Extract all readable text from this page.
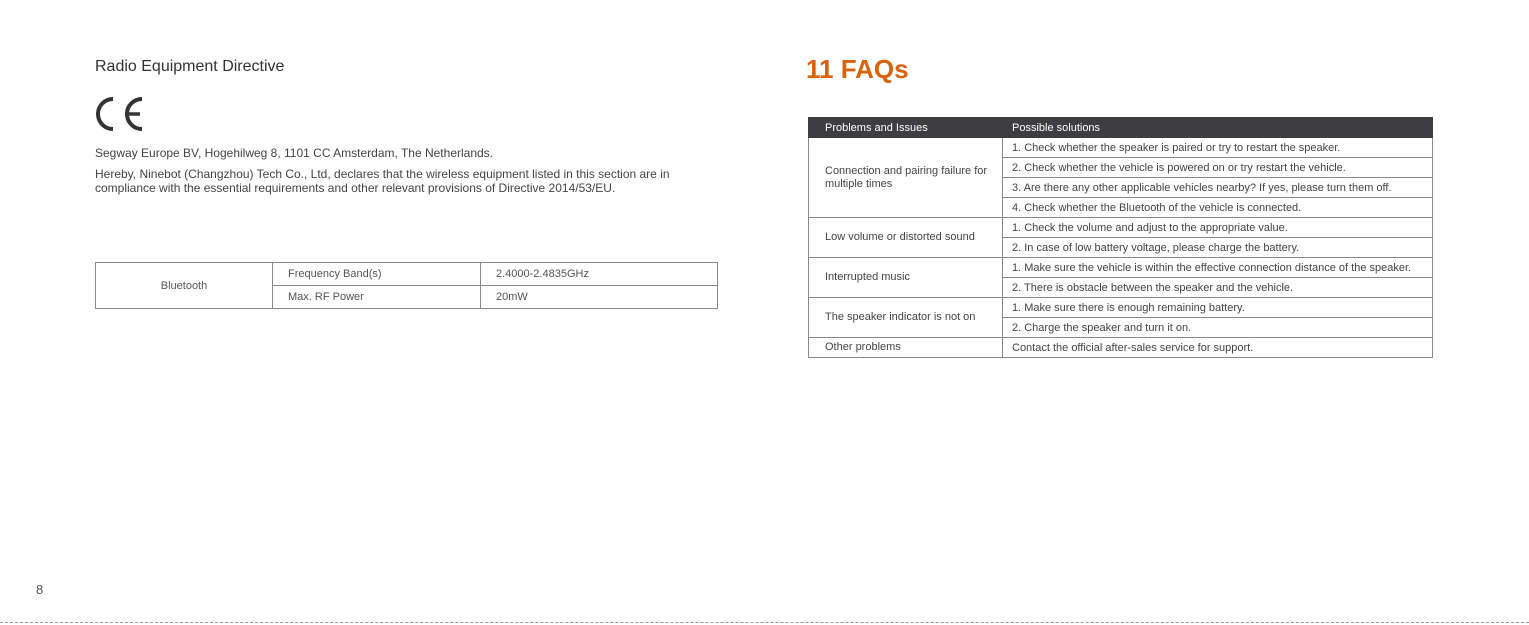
Radio Equipment Directive
Segway Europe BV, Hogehilweg 8, 1101 CC Amsterdam, The Netherlands.
Hereby, Ninebot (Changzhou) Tech Co., Ltd, declares that the wireless equipment listed in this section are in compliance with the essential requirements and other relevant provisions of Directive 2014/53/EU.
Bluetooth	Frequency Band(s)	2.4000-2.4835GHz
	Max. RF Power	20mW
8
11 FAQs
Problems and Issues	Possible solutions
Connection and pairing failure for multiple times	1. Check whether the speaker is paired or try to restart the speaker.
	2. Check whether the vehicle is powered on or try restart the vehicle.
	3. Are there any other applicable vehicles nearby? If yes, please turn them off.
	4. Check whether the Bluetooth of the vehicle is connected.
Low volume or distorted sound	1. Check the volume and adjust to the appropriate value.
	2. In case of low battery voltage, please charge the battery.
Interrupted music	1. Make sure the vehicle is within the effective connection distance of the speaker.
	2. There is obstacle between the speaker and the vehicle.
The speaker indicator is not on	1. Make sure there is enough remaining battery.
	2. Charge the speaker and turn it on.
Other problems	Contact the official after-sales service for support.
